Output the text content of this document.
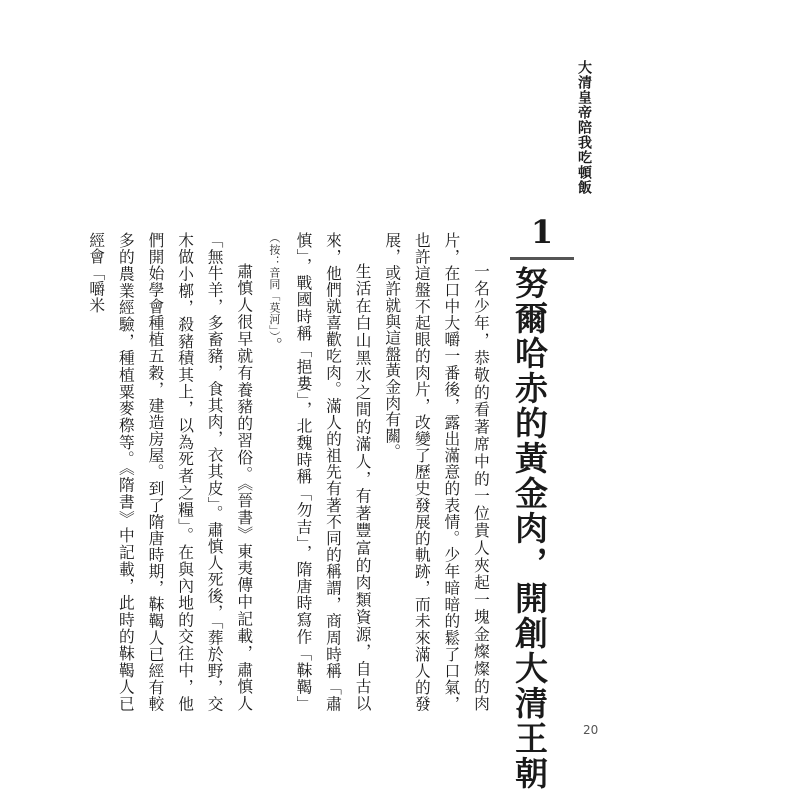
大清皇帝陪我吃頓飯
1
努爾哈赤的黃金肉，開創大清王朝

一名少年，恭敬的看著席中的一位貴人夾起一塊金燦燦的肉片，在口中大嚼一番後，露出滿意的表情。少年暗暗的鬆了口氣，也許這盤不起眼的肉片，改變了歷史發展的軌跡，而未來滿人的發展，或許就與這盤黃金肉有關。

生活在白山黑水之間的滿人，有著豐富的肉類資源，自古以來，他們就喜歡吃肉。滿人的祖先有著不同的稱謂，商周時稱「肅慎」，戰國時稱「挹婁」，北魏時稱「勿吉」，隋唐時寫作「靺鞨」（按：音同「莫河」）。

肅慎人很早就有養豬的習俗。《晉書》東夷傳中記載，肅慎人「無牛羊，多畜豬，食其肉，衣其皮」。肅慎人死後，「葬於野，交木做小槨，殺豬積其上，以為死者之糧」。在與內地的交往中，他們開始學會種植五穀，建造房屋。到了隋唐時期，靺鞨人已經有較多的農業經驗，種植粟麥穄等。《隋書》中記載，此時的靺鞨人已經會「嚼米

20
